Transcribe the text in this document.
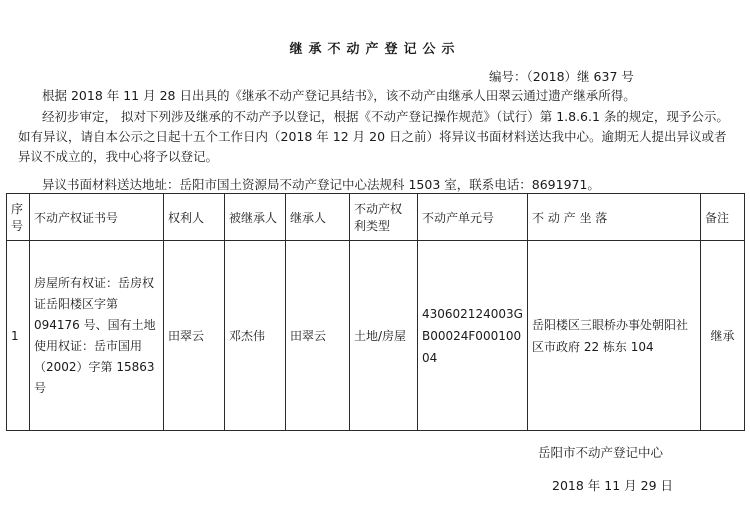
继承不动产登记公示
编号：（2018）继 637 号
根据 2018 年 11 月 28 日出具的《继承不动产登记具结书》，该不动产由继承人田翠云通过遗产继承所得。
经初步审定， 拟对下列涉及继承的不动产予以登记，根据《不动产登记操作规范》（试行）第 1.8.6.1 条的规定，现予公示。如有异议，请自本公示之日起十五个工作日内（2018 年 12 月 20 日之前）将异议书面材料送达我中心。逾期无人提出异议或者异议不成立的，我中心将予以登记。
异议书面材料送达地址：岳阳市国土资源局不动产登记中心法规科 1503 室，联系电话：8691971。
序号	不动产权证书号	权利人	被继承人	继承人	不动产权利类型	不动产单元号	不 动 产 坐 落	备注
1	房屋所有权证：岳房权证岳阳楼区字第 094176 号、国有土地使用权证：岳市国用（2002）字第 15863 号	田翠云	邓杰伟	田翠云	土地/房屋	430602124003GB00024F00010004	岳阳楼区三眼桥办事处朝阳社区市政府 22 栋东 104	继承
岳阳市不动产登记中心
2018 年 11 月 29 日
